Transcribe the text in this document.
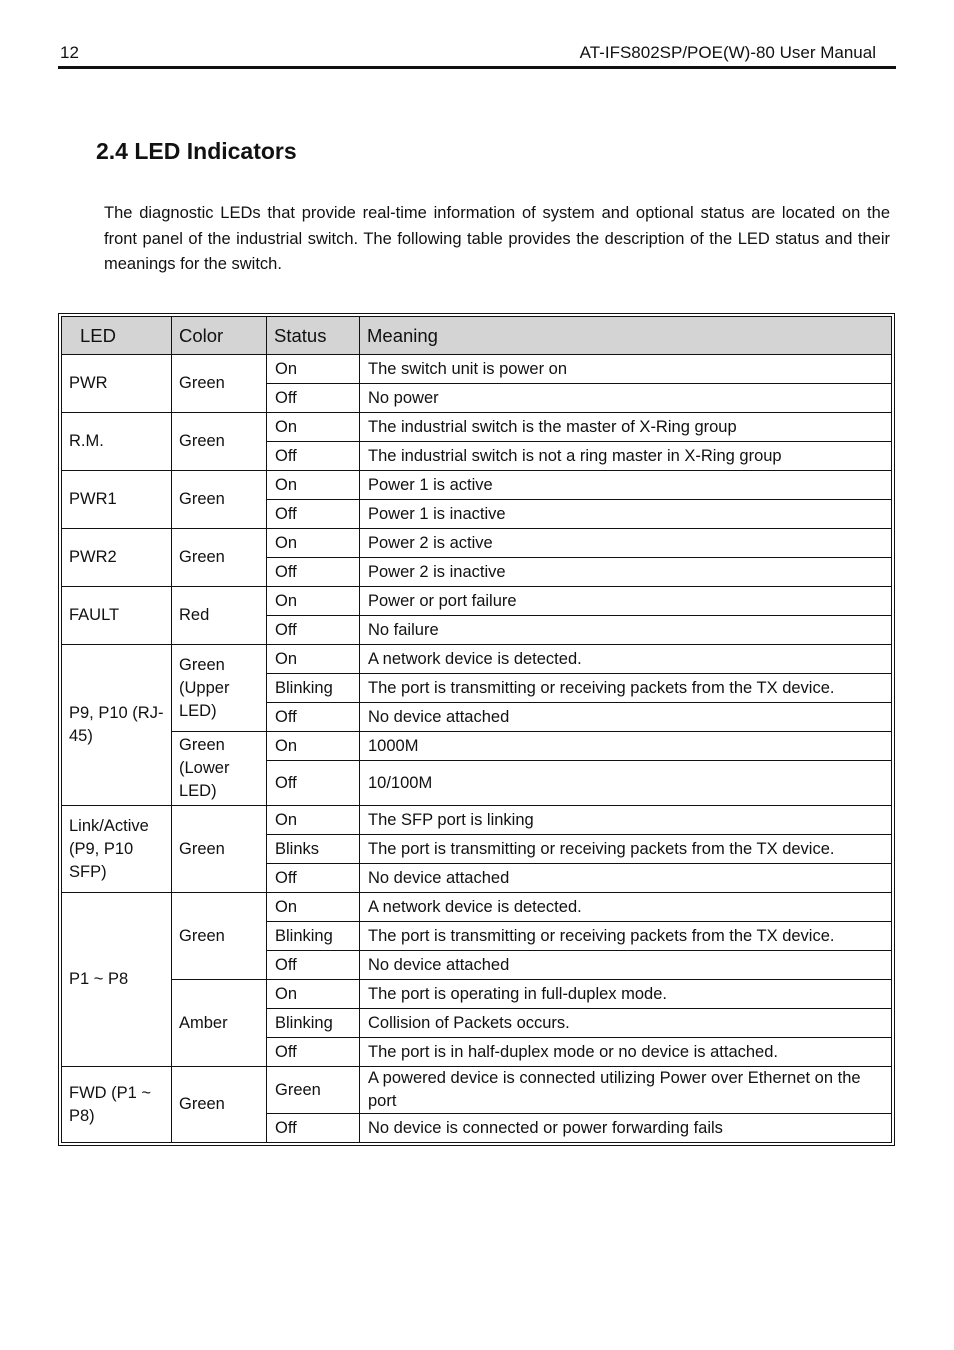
12	AT-IFS802SP/POE(W)-80 User Manual
2.4 LED Indicators

The diagnostic LEDs that provide real-time information of system and optional status are located on the front panel of the industrial switch. The following table provides the description of the LED status and their meanings for the switch.

LED	Color	Status	Meaning
PWR	Green	On	The switch unit is power on
		Off	No power
R.M.	Green	On	The industrial switch is the master of X-Ring group
		Off	The industrial switch is not a ring master in X-Ring group
PWR1	Green	On	Power 1 is active
		Off	Power 1 is inactive
PWR2	Green	On	Power 2 is active
		Off	Power 2 is inactive
FAULT	Red	On	Power or port failure
		Off	No failure
P9, P10 (RJ-45)	Green (Upper LED)	On	A network device is detected.
		Blinking	The port is transmitting or receiving packets from the TX device.
		Off	No device attached
	Green (Lower LED)	On	1000M
		Off	10/100M
Link/Active (P9, P10 SFP)	Green	On	The SFP port is linking
		Blinks	The port is transmitting or receiving packets from the TX device.
		Off	No device attached
P1 ~ P8	Green	On	A network device is detected.
		Blinking	The port is transmitting or receiving packets from the TX device.
		Off	No device attached
	Amber	On	The port is operating in full-duplex mode.
		Blinking	Collision of Packets occurs.
		Off	The port is in half-duplex mode or no device is attached.
FWD (P1 ~ P8)	Green	Green	A powered device is connected utilizing Power over Ethernet on the port
		Off	No device is connected or power forwarding fails
